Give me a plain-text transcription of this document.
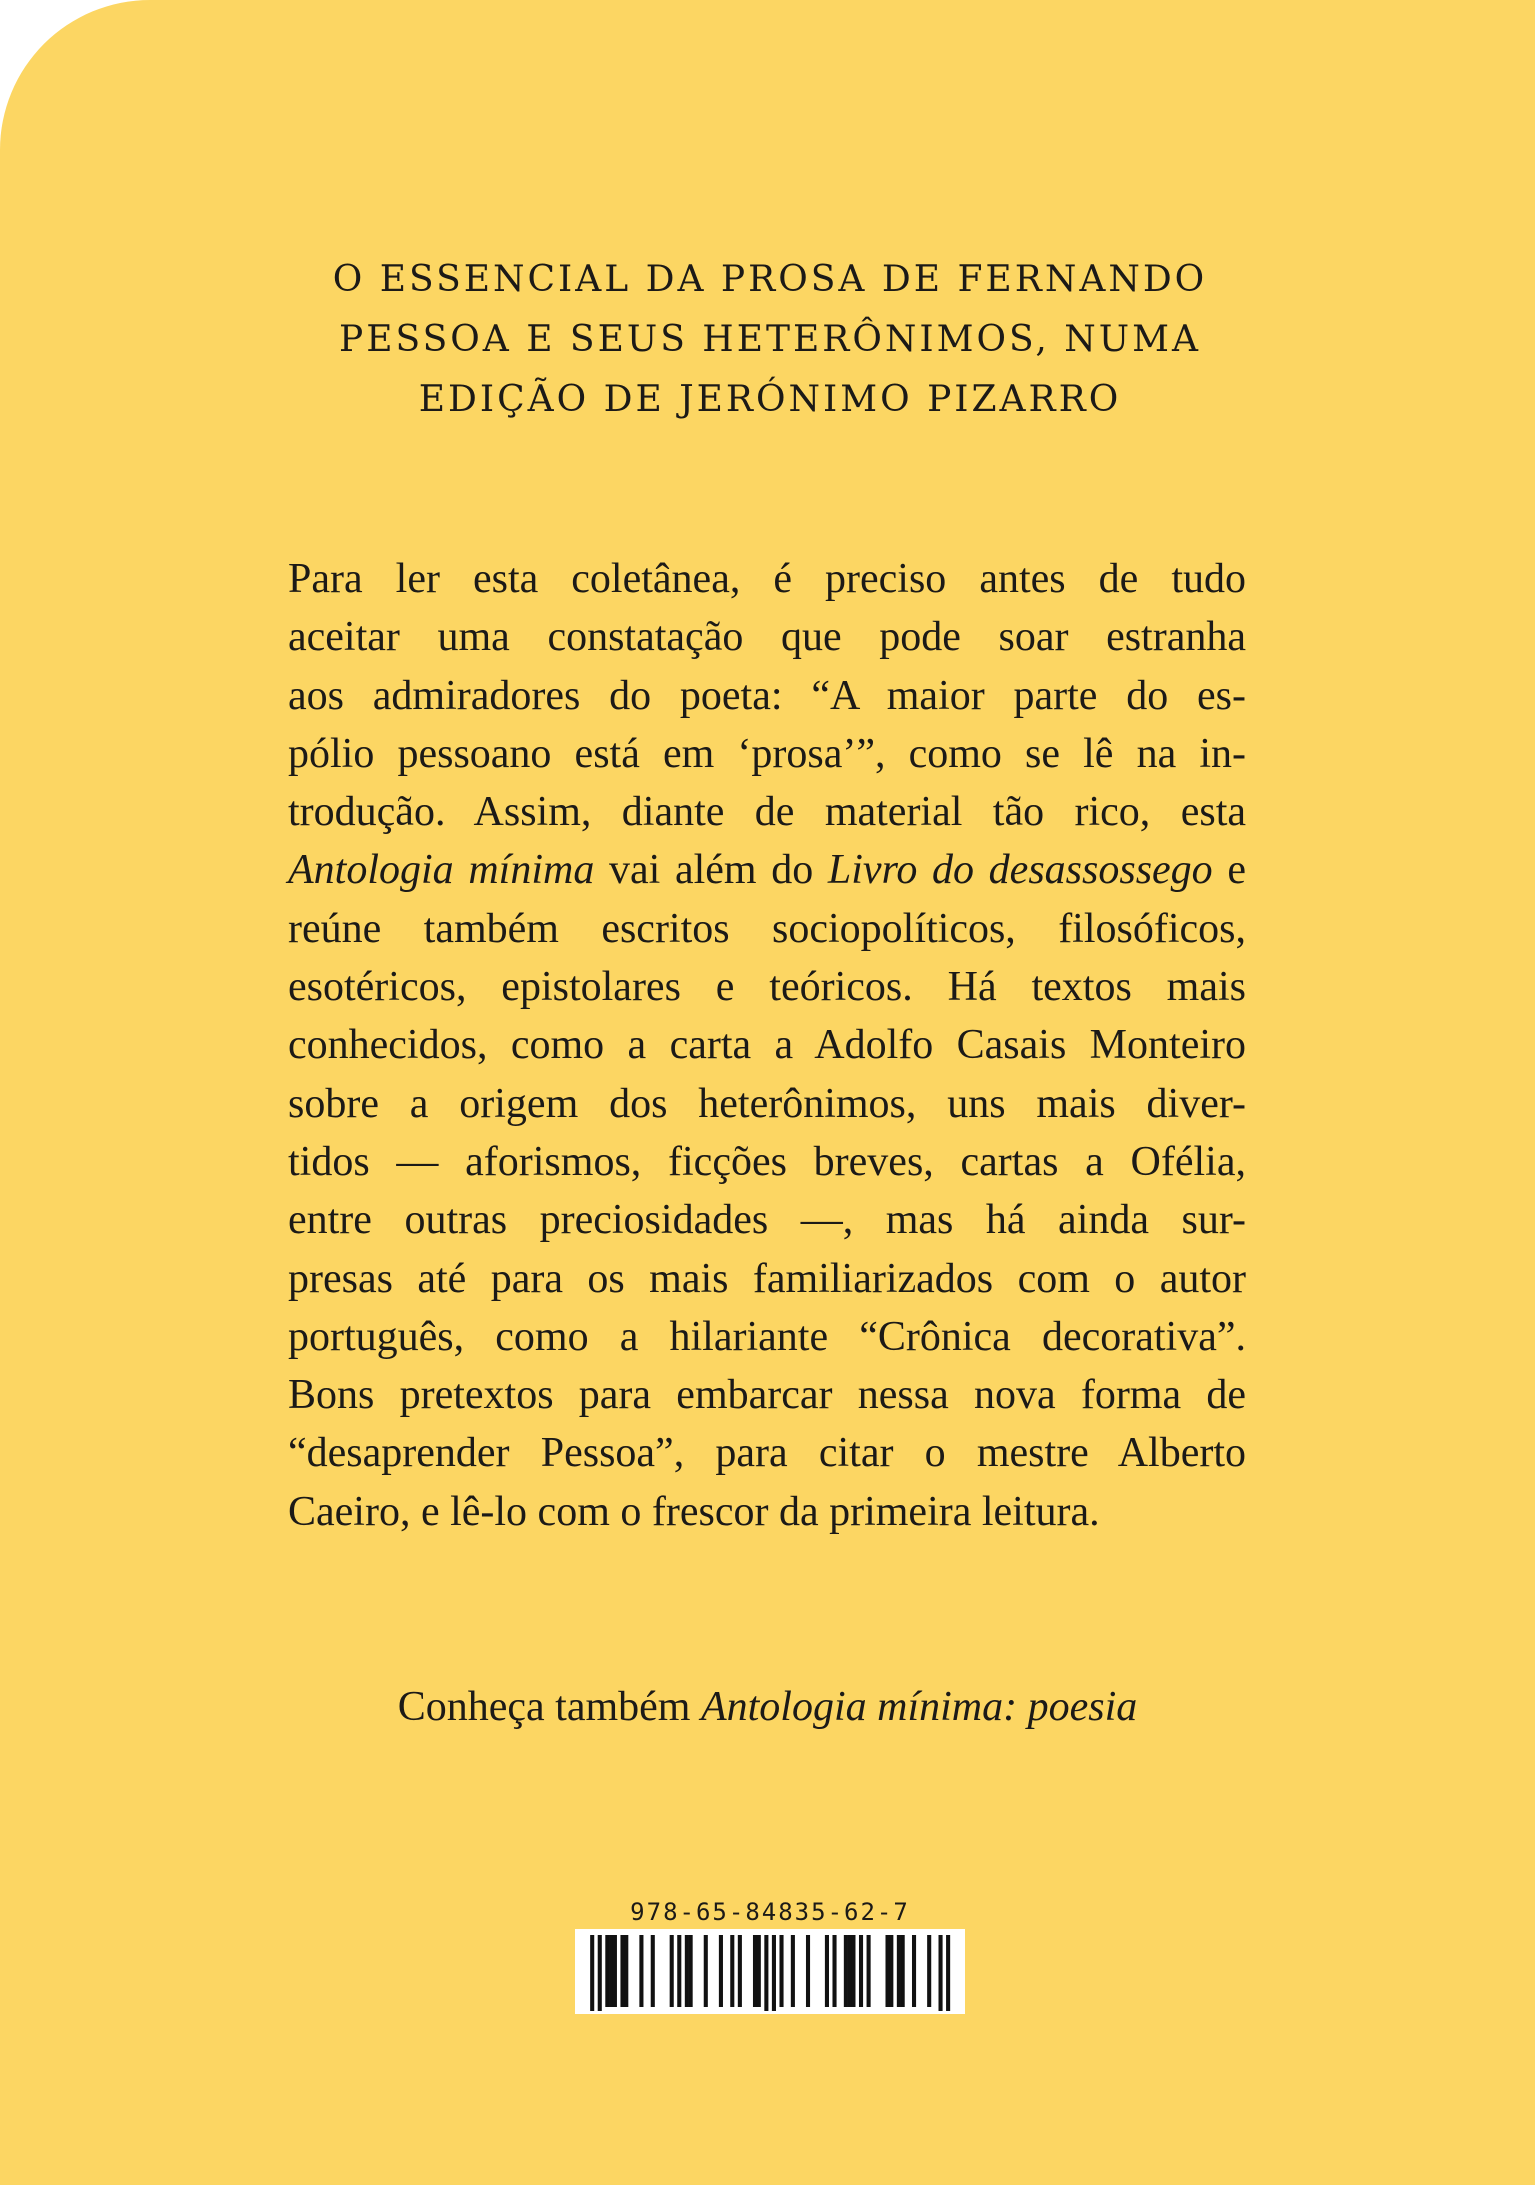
O ESSENCIAL DA PROSA DE FERNANDO
PESSOA E SEUS HETERÔNIMOS, NUMA
EDIÇÃO DE JERÓNIMO PIZARRO
Para ler esta coletânea, é preciso antes de tudo
aceitar uma constatação que pode soar estranha
aos admiradores do poeta: “A maior parte do es-
pólio pessoano está em ‘prosa’”, como se lê na in-
trodução. Assim, diante de material tão rico, esta
Antologia mínima vai além do Livro do desassossego e
reúne também escritos sociopolíticos, filosóficos,
esotéricos, epistolares e teóricos. Há textos mais
conhecidos, como a carta a Adolfo Casais Monteiro
sobre a origem dos heterônimos, uns mais diver-
tidos — aforismos, ficções breves, cartas a Ofélia,
entre outras preciosidades —, mas há ainda sur-
presas até para os mais familiarizados com o autor
português, como a hilariante “Crônica decorativa”.
Bons pretextos para embarcar nessa nova forma de
“desaprender Pessoa”, para citar o mestre Alberto
Caeiro, e lê-lo com o frescor da primeira leitura.
Conheça também Antologia mínima: poesia
978-65-84835-62-7
